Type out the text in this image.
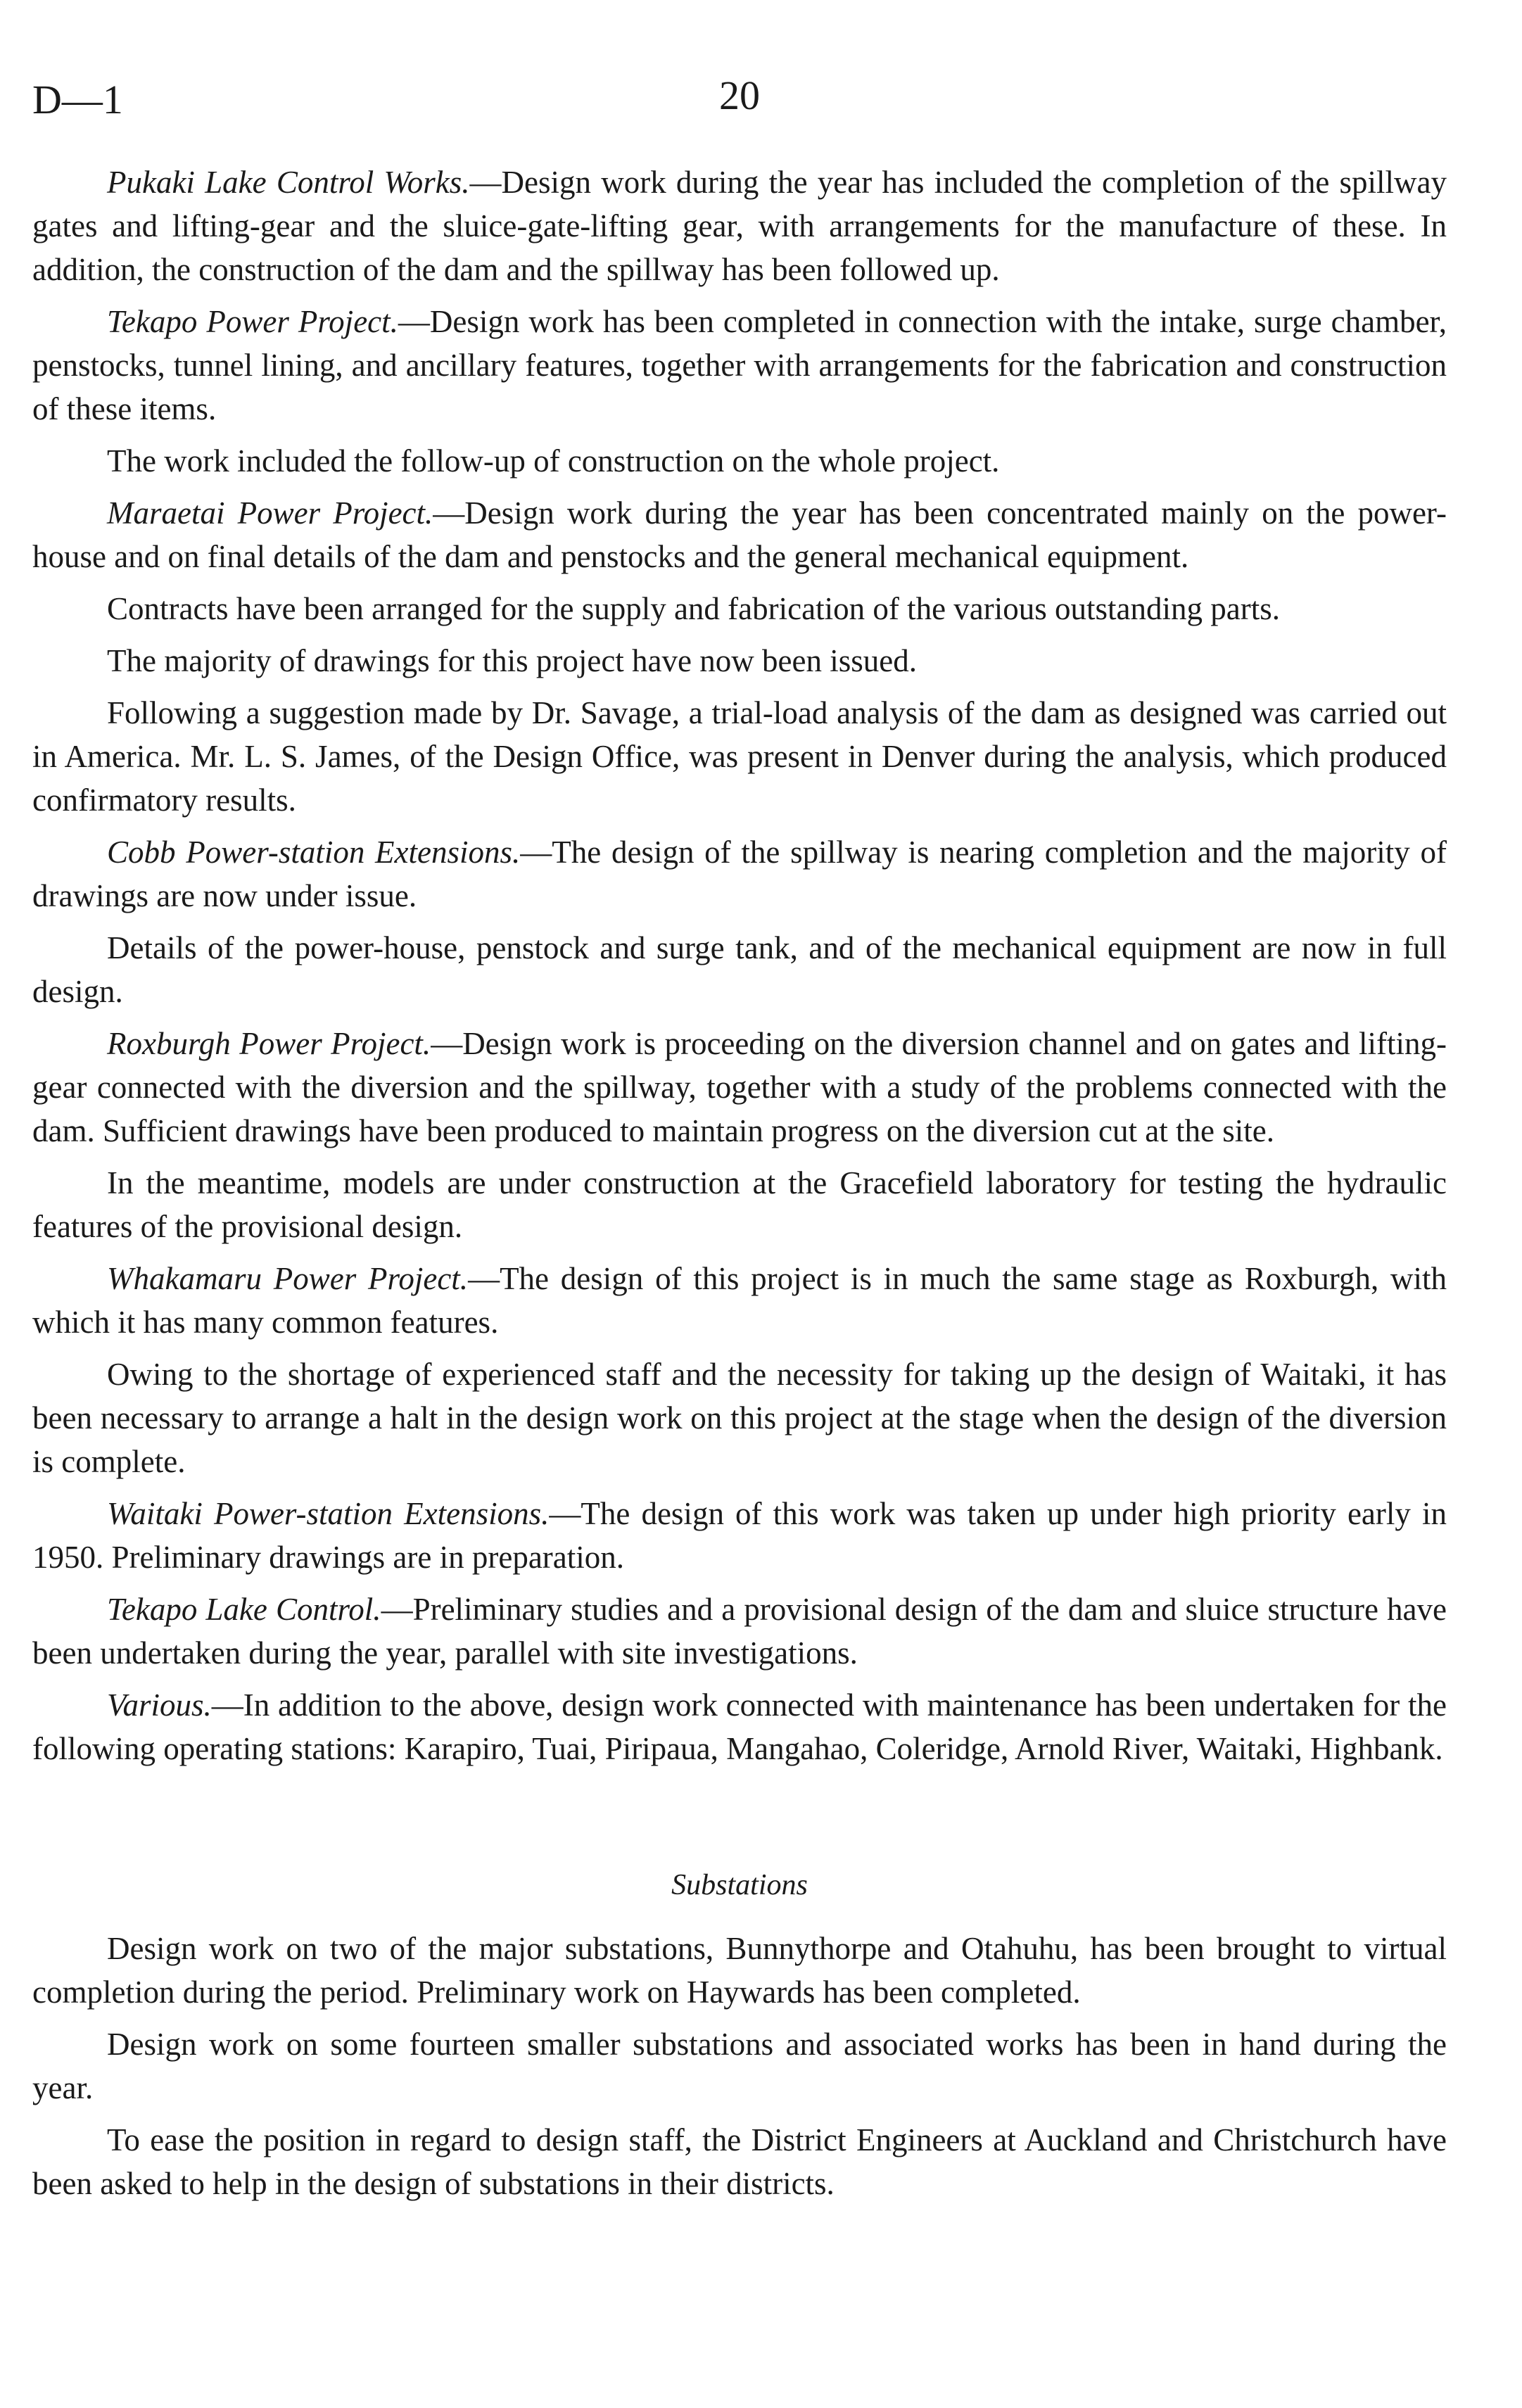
D—1	20

Pukaki Lake Control Works.—Design work during the year has included the completion of the spillway gates and lifting-gear and the sluice-gate-lifting gear, with arrangements for the manufacture of these. In addition, the construction of the dam and the spillway has been followed up.

Tekapo Power Project.—Design work has been completed in connection with the intake, surge chamber, penstocks, tunnel lining, and ancillary features, together with arrangements for the fabrication and construction of these items.

The work included the follow-up of construction on the whole project.

Maraetai Power Project.—Design work during the year has been concentrated mainly on the power-house and on final details of the dam and penstocks and the general mechanical equipment.

Contracts have been arranged for the supply and fabrication of the various outstanding parts.

The majority of drawings for this project have now been issued.

Following a suggestion made by Dr. Savage, a trial-load analysis of the dam as designed was carried out in America. Mr. L. S. James, of the Design Office, was present in Denver during the analysis, which produced confirmatory results.

Cobb Power-station Extensions.—The design of the spillway is nearing completion and the majority of drawings are now under issue.

Details of the power-house, penstock and surge tank, and of the mechanical equipment are now in full design.

Roxburgh Power Project.—Design work is proceeding on the diversion channel and on gates and lifting-gear connected with the diversion and the spillway, together with a study of the problems connected with the dam. Sufficient drawings have been produced to maintain progress on the diversion cut at the site.

In the meantime, models are under construction at the Gracefield laboratory for testing the hydraulic features of the provisional design.

Whakamaru Power Project.—The design of this project is in much the same stage as Roxburgh, with which it has many common features.

Owing to the shortage of experienced staff and the necessity for taking up the design of Waitaki, it has been necessary to arrange a halt in the design work on this project at the stage when the design of the diversion is complete.

Waitaki Power-station Extensions.—The design of this work was taken up under high priority early in 1950. Preliminary drawings are in preparation.

Tekapo Lake Control.—Preliminary studies and a provisional design of the dam and sluice structure have been undertaken during the year, parallel with site investigations.

Various.—In addition to the above, design work connected with maintenance has been undertaken for the following operating stations: Karapiro, Tuai, Piripaua, Mangahao, Coleridge, Arnold River, Waitaki, Highbank.

Substations

Design work on two of the major substations, Bunnythorpe and Otahuhu, has been brought to virtual completion during the period. Preliminary work on Haywards has been completed.

Design work on some fourteen smaller substations and associated works has been in hand during the year.

To ease the position in regard to design staff, the District Engineers at Auckland and Christchurch have been asked to help in the design of substations in their districts.
